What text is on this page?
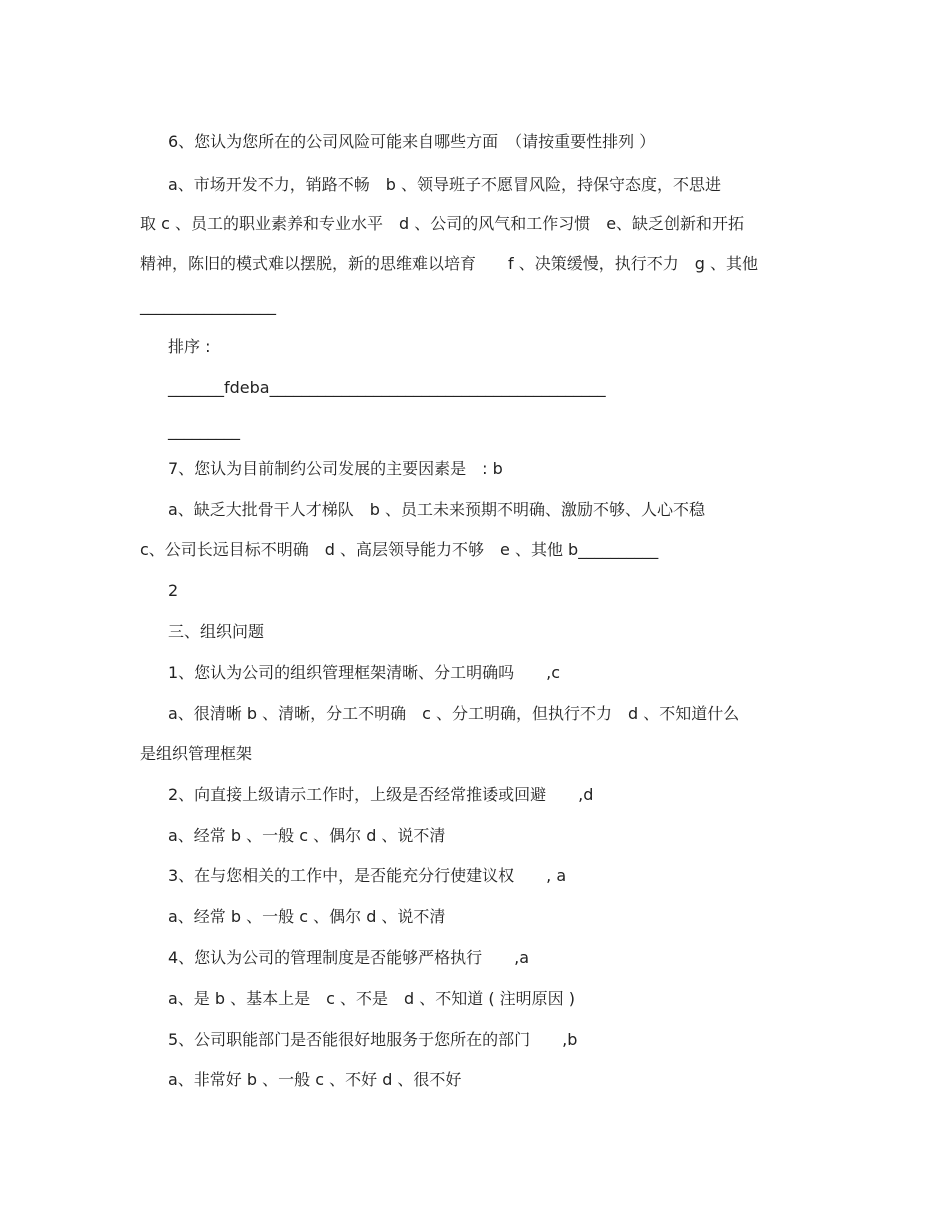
6、您认为您所在的公司风险可能来自哪些方面　（请按重要性排列 ）
a、市场开发不力，销路不畅　b 、领导班子不愿冒风险，持保守态度，不思进
取 c 、员工的职业素养和专业水平　d 、公司的风气和工作习惯　e、缺乏创新和开拓
精神，陈旧的模式难以摆脱，新的思维难以培育　　f 、决策缓慢，执行不力　g 、其他
_________________
排序 :
_______fdeba__________________________________________
_________
7、您认为目前制约公司发展的主要因素是　: b
a、缺乏大批骨干人才梯队　b 、员工未来预期不明确、激励不够、人心不稳
c、公司长远目标不明确　d 、高层领导能力不够　e 、其他 b__________
2
三、组织问题
1、您认为公司的组织管理框架清晰、分工明确吗　　,c
a、很清晰 b 、清晰，分工不明确　c 、分工明确，但执行不力　d 、不知道什么
是组织管理框架
2、向直接上级请示工作时，上级是否经常推诿或回避　　,d
a、经常 b 、一般 c 、偶尔 d 、说不清
3、在与您相关的工作中，是否能充分行使建议权　　, a
a、经常 b 、一般 c 、偶尔 d 、说不清
4、您认为公司的管理制度是否能够严格执行　　,a
a、是 b 、基本上是　c 、不是　d 、不知道 ( 注明原因 )
5、公司职能部门是否能很好地服务于您所在的部门　　,b
a、非常好 b 、一般 c 、不好 d 、很不好
